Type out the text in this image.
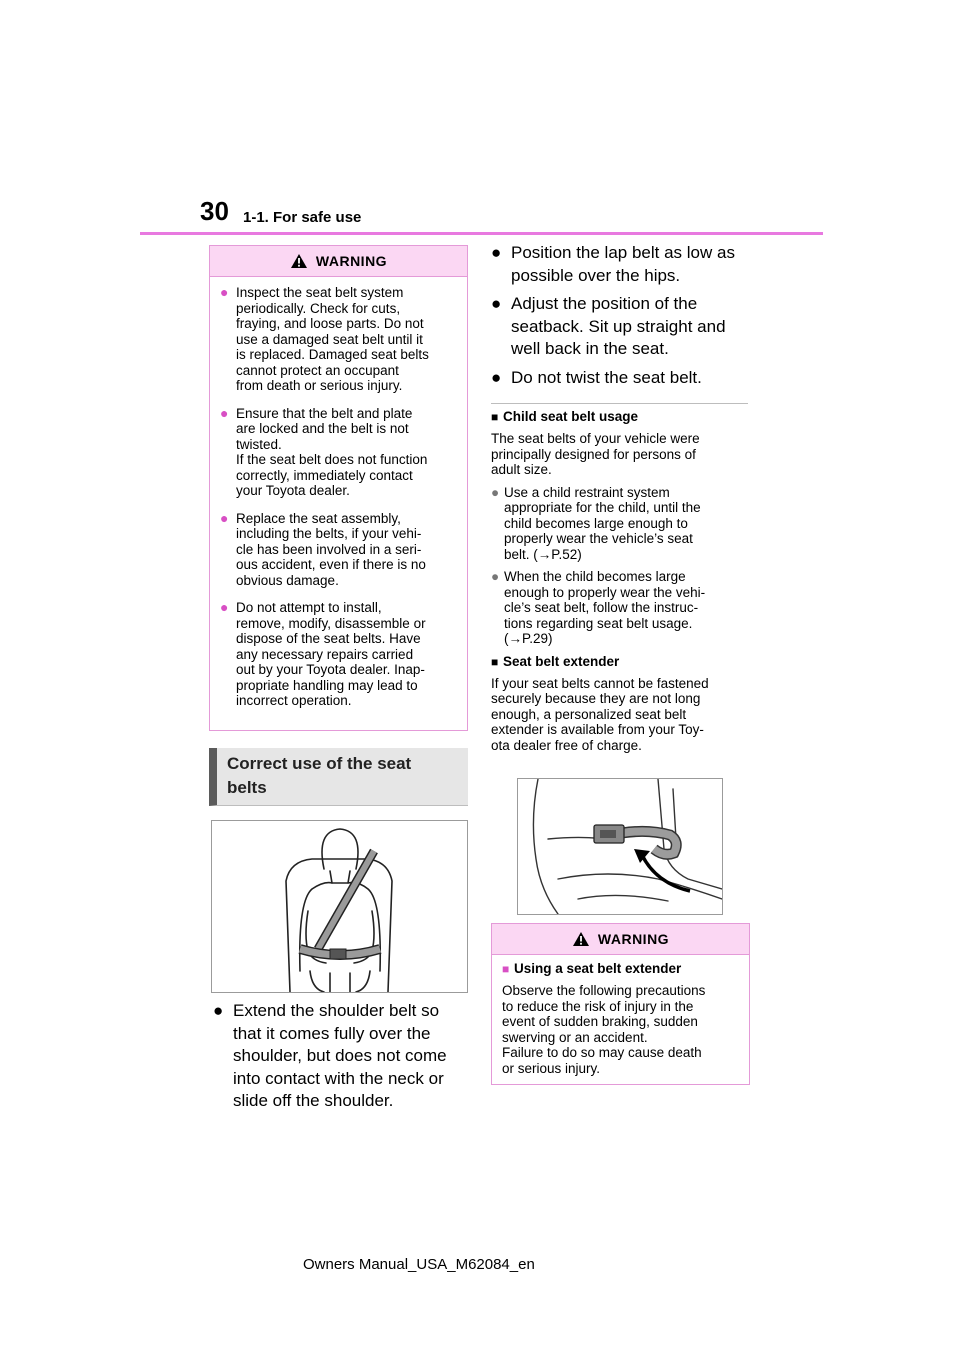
30 1-1. For safe use
WARNING
● Inspect the seat belt system
periodically. Check for cuts,
fraying, and loose parts. Do not
use a damaged seat belt until it
is replaced. Damaged seat belts
cannot protect an occupant
from death or serious injury.
● Ensure that the belt and plate
are locked and the belt is not
twisted.
If the seat belt does not function
correctly, immediately contact
your Toyota dealer.
● Replace the seat assembly,
including the belts, if your vehi-
cle has been involved in a seri-
ous accident, even if there is no
obvious damage.
● Do not attempt to install,
remove, modify, disassemble or
dispose of the seat belts. Have
any necessary repairs carried
out by your Toyota dealer. Inap-
propriate handling may lead to
incorrect operation.
Correct use of the seat
belts
● Extend the shoulder belt so
that it comes fully over the
shoulder, but does not come
into contact with the neck or
slide off the shoulder.
● Position the lap belt as low as
possible over the hips.
● Adjust the position of the
seatback. Sit up straight and
well back in the seat.
● Do not twist the seat belt.
■ Child seat belt usage
The seat belts of your vehicle were
principally designed for persons of
adult size.
● Use a child restraint system
appropriate for the child, until the
child becomes large enough to
properly wear the vehicle’s seat
belt. (→P.52)
● When the child becomes large
enough to properly wear the vehi-
cle’s seat belt, follow the instruc-
tions regarding seat belt usage.
(→P.29)
■ Seat belt extender
If your seat belts cannot be fastened
securely because they are not long
enough, a personalized seat belt
extender is available from your Toy-
ota dealer free of charge.
WARNING
■ Using a seat belt extender
Observe the following precautions
to reduce the risk of injury in the
event of sudden braking, sudden
swerving or an accident.
Failure to do so may cause death
or serious injury.
Owners Manual_USA_M62084_en
